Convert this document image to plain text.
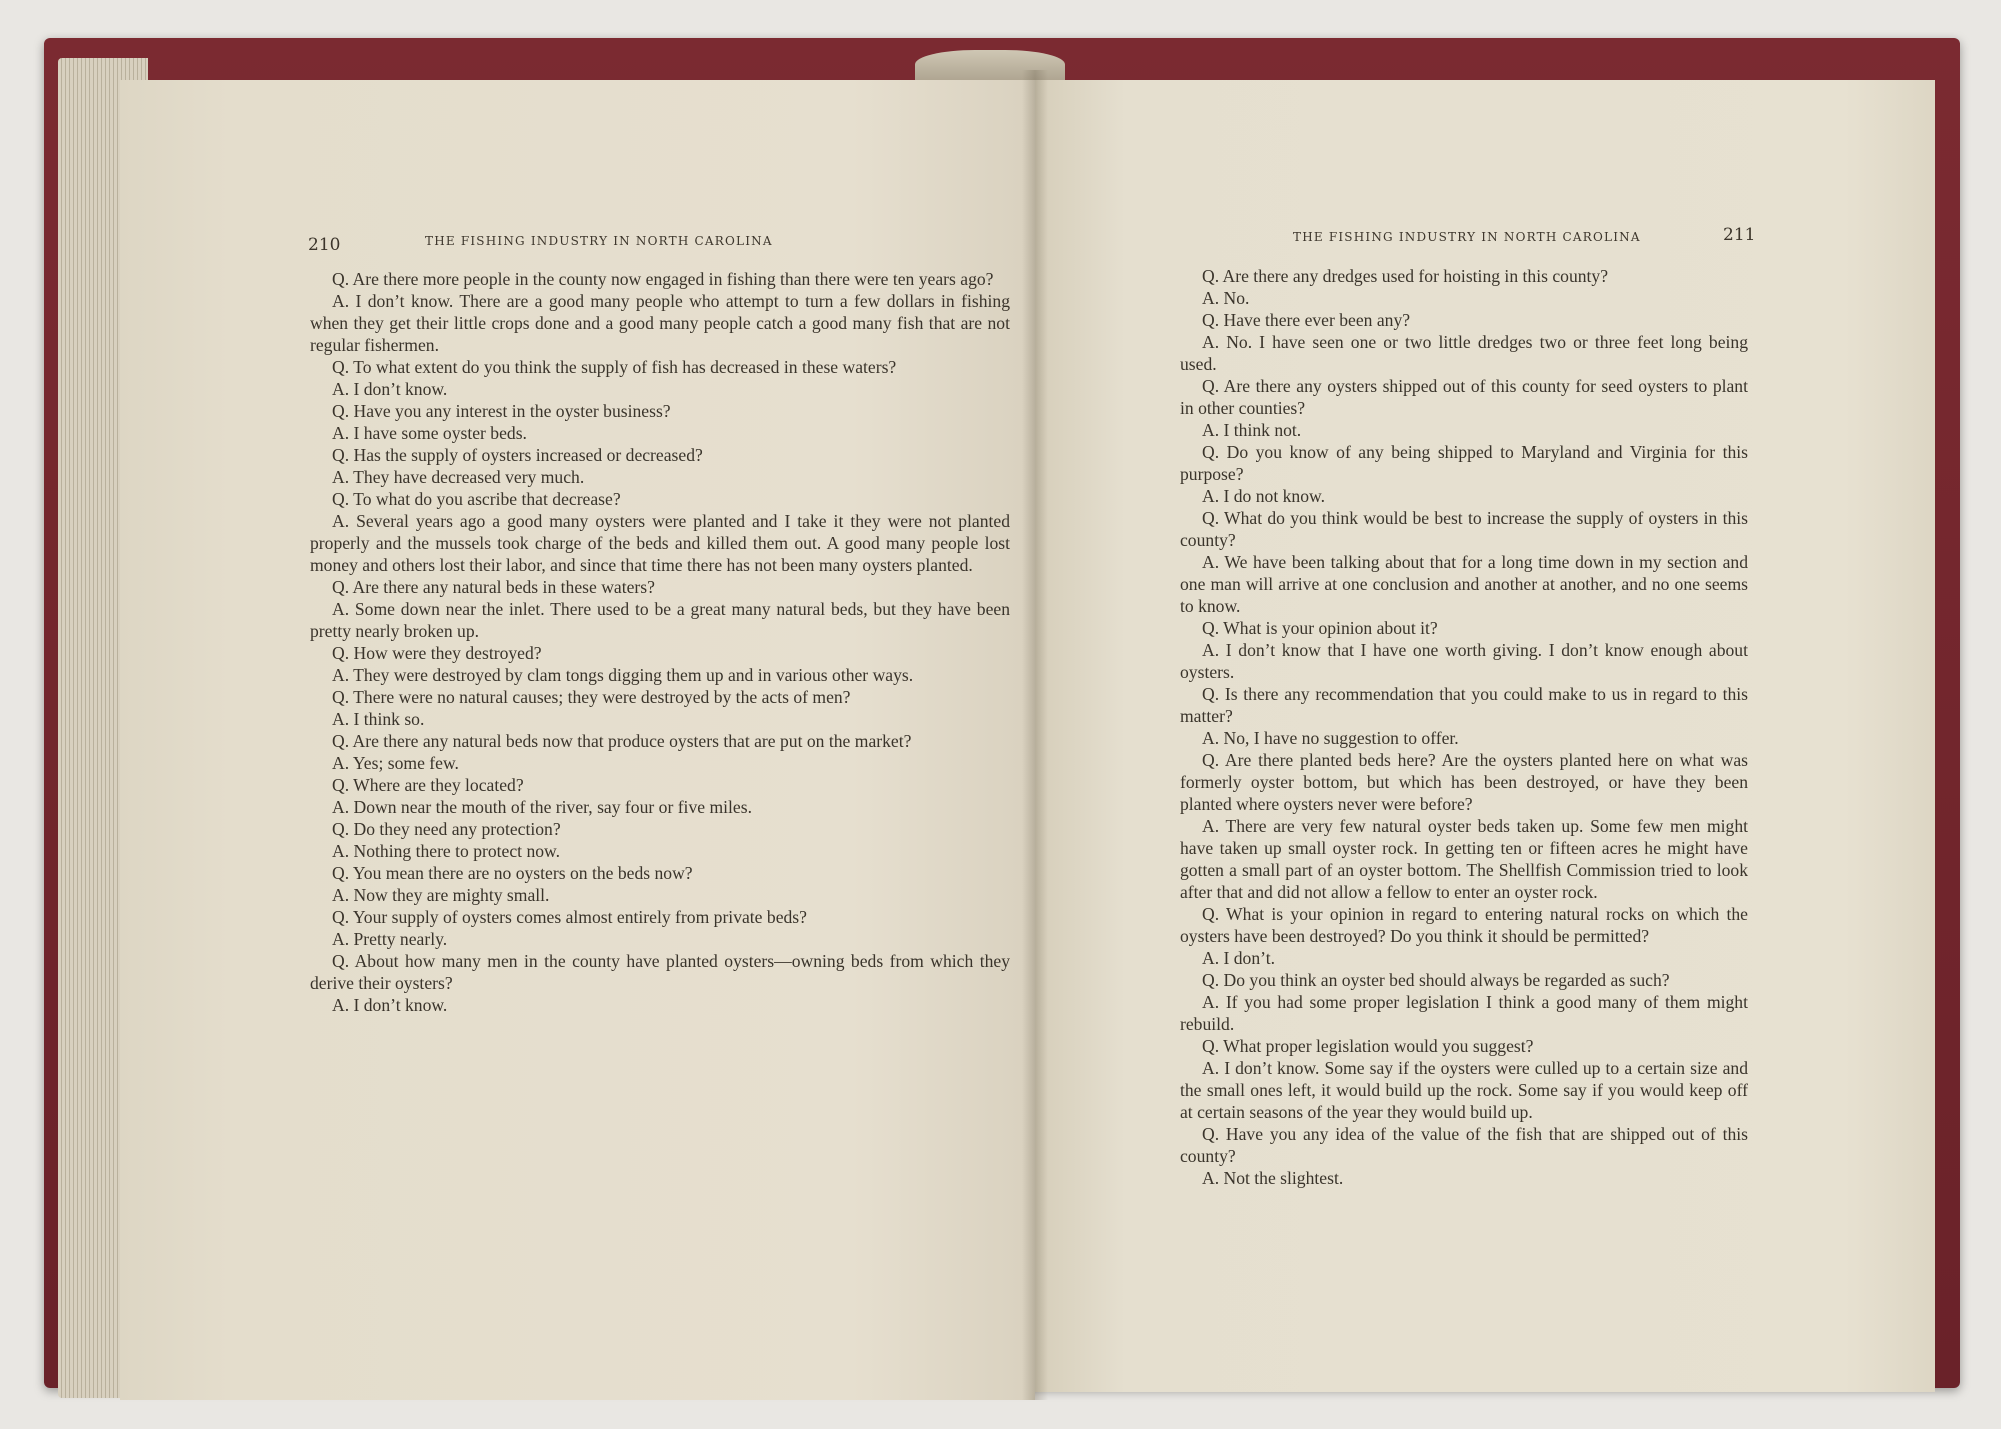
210	THE FISHING INDUSTRY IN NORTH CAROLINA

Q. Are there more people in the county now engaged in fishing than there were ten years ago?

A. I don’t know. There are a good many people who attempt to turn a few dollars in fishing when they get their little crops done and a good many people catch a good many fish that are not regular fishermen.

Q. To what extent do you think the supply of fish has decreased in these waters?

A. I don’t know.

Q. Have you any interest in the oyster business?

A. I have some oyster beds.

Q. Has the supply of oysters increased or decreased?

A. They have decreased very much.

Q. To what do you ascribe that decrease?

A. Several years ago a good many oysters were planted and I take it they were not planted properly and the mussels took charge of the beds and killed them out. A good many people lost money and others lost their labor, and since that time there has not been many oysters planted.

Q. Are there any natural beds in these waters?

A. Some down near the inlet. There used to be a great many natural beds, but they have been pretty nearly broken up.

Q. How were they destroyed?

A. They were destroyed by clam tongs digging them up and in various other ways.

Q. There were no natural causes; they were destroyed by the acts of men?

A. I think so.

Q. Are there any natural beds now that produce oysters that are put on the market?

A. Yes; some few.

Q. Where are they located?

A. Down near the mouth of the river, say four or five miles.

Q. Do they need any protection?

A. Nothing there to protect now.

Q. You mean there are no oysters on the beds now?

A. Now they are mighty small.

Q. Your supply of oysters comes almost entirely from private beds?

A. Pretty nearly.

Q. About how many men in the county have planted oysters—owning beds from which they derive their oysters?

A. I don’t know.

THE FISHING INDUSTRY IN NORTH CAROLINA	211

Q. Are there any dredges used for hoisting in this county?

A. No.

Q. Have there ever been any?

A. No. I have seen one or two little dredges two or three feet long being used.

Q. Are there any oysters shipped out of this county for seed oysters to plant in other counties?

A. I think not.

Q. Do you know of any being shipped to Maryland and Virginia for this purpose?

A. I do not know.

Q. What do you think would be best to increase the supply of oysters in this county?

A. We have been talking about that for a long time down in my section and one man will arrive at one conclusion and another at another, and no one seems to know.

Q. What is your opinion about it?

A. I don’t know that I have one worth giving. I don’t know enough about oysters.

Q. Is there any recommendation that you could make to us in regard to this matter?

A. No, I have no suggestion to offer.

Q. Are there planted beds here? Are the oysters planted here on what was formerly oyster bottom, but which has been destroyed, or have they been planted where oysters never were before?

A. There are very few natural oyster beds taken up. Some few men might have taken up small oyster rock. In getting ten or fifteen acres he might have gotten a small part of an oyster bottom. The Shellfish Commission tried to look after that and did not allow a fellow to enter an oyster rock.

Q. What is your opinion in regard to entering natural rocks on which the oysters have been destroyed? Do you think it should be permitted?

A. I don’t.

Q. Do you think an oyster bed should always be regarded as such?

A. If you had some proper legislation I think a good many of them might rebuild.

Q. What proper legislation would you suggest?

A. I don’t know. Some say if the oysters were culled up to a certain size and the small ones left, it would build up the rock. Some say if you would keep off at certain seasons of the year they would build up.

Q. Have you any idea of the value of the fish that are shipped out of this county?

A. Not the slightest.
